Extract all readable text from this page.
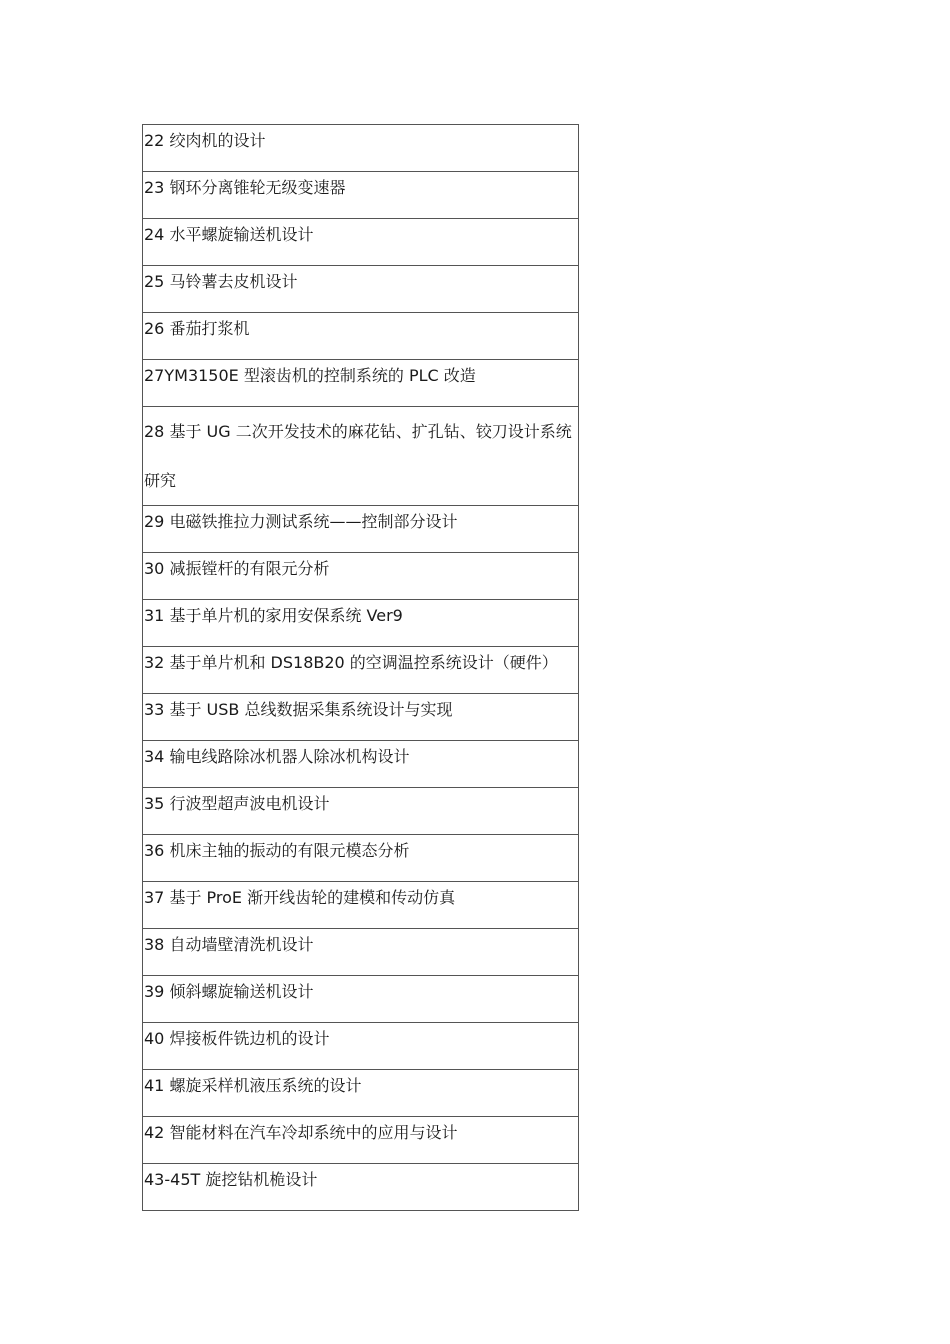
22 绞肉机的设计

23 钢环分离锥轮无级变速器

24 水平螺旋输送机设计

25 马铃薯去皮机设计

26 番茄打浆机

27YM3150E 型滚齿机的控制系统的 PLC 改造

28 基于 UG 二次开发技术的麻花钻、扩孔钻、铰刀设计系统研究

29 电磁铁推拉力测试系统——控制部分设计

30 减振镗杆的有限元分析

31 基于单片机的家用安保系统 Ver9

32 基于单片机和 DS18B20 的空调温控系统设计（硬件）

33 基于 USB 总线数据采集系统设计与实现

34 输电线路除冰机器人除冰机构设计

35 行波型超声波电机设计

36 机床主轴的振动的有限元模态分析

37 基于 ProE 渐开线齿轮的建模和传动仿真

38 自动墙壁清洗机设计

39 倾斜螺旋输送机设计

40 焊接板件铣边机的设计

41 螺旋采样机液压系统的设计

42 智能材料在汽车冷却系统中的应用与设计

43-45T 旋挖钻机桅设计
